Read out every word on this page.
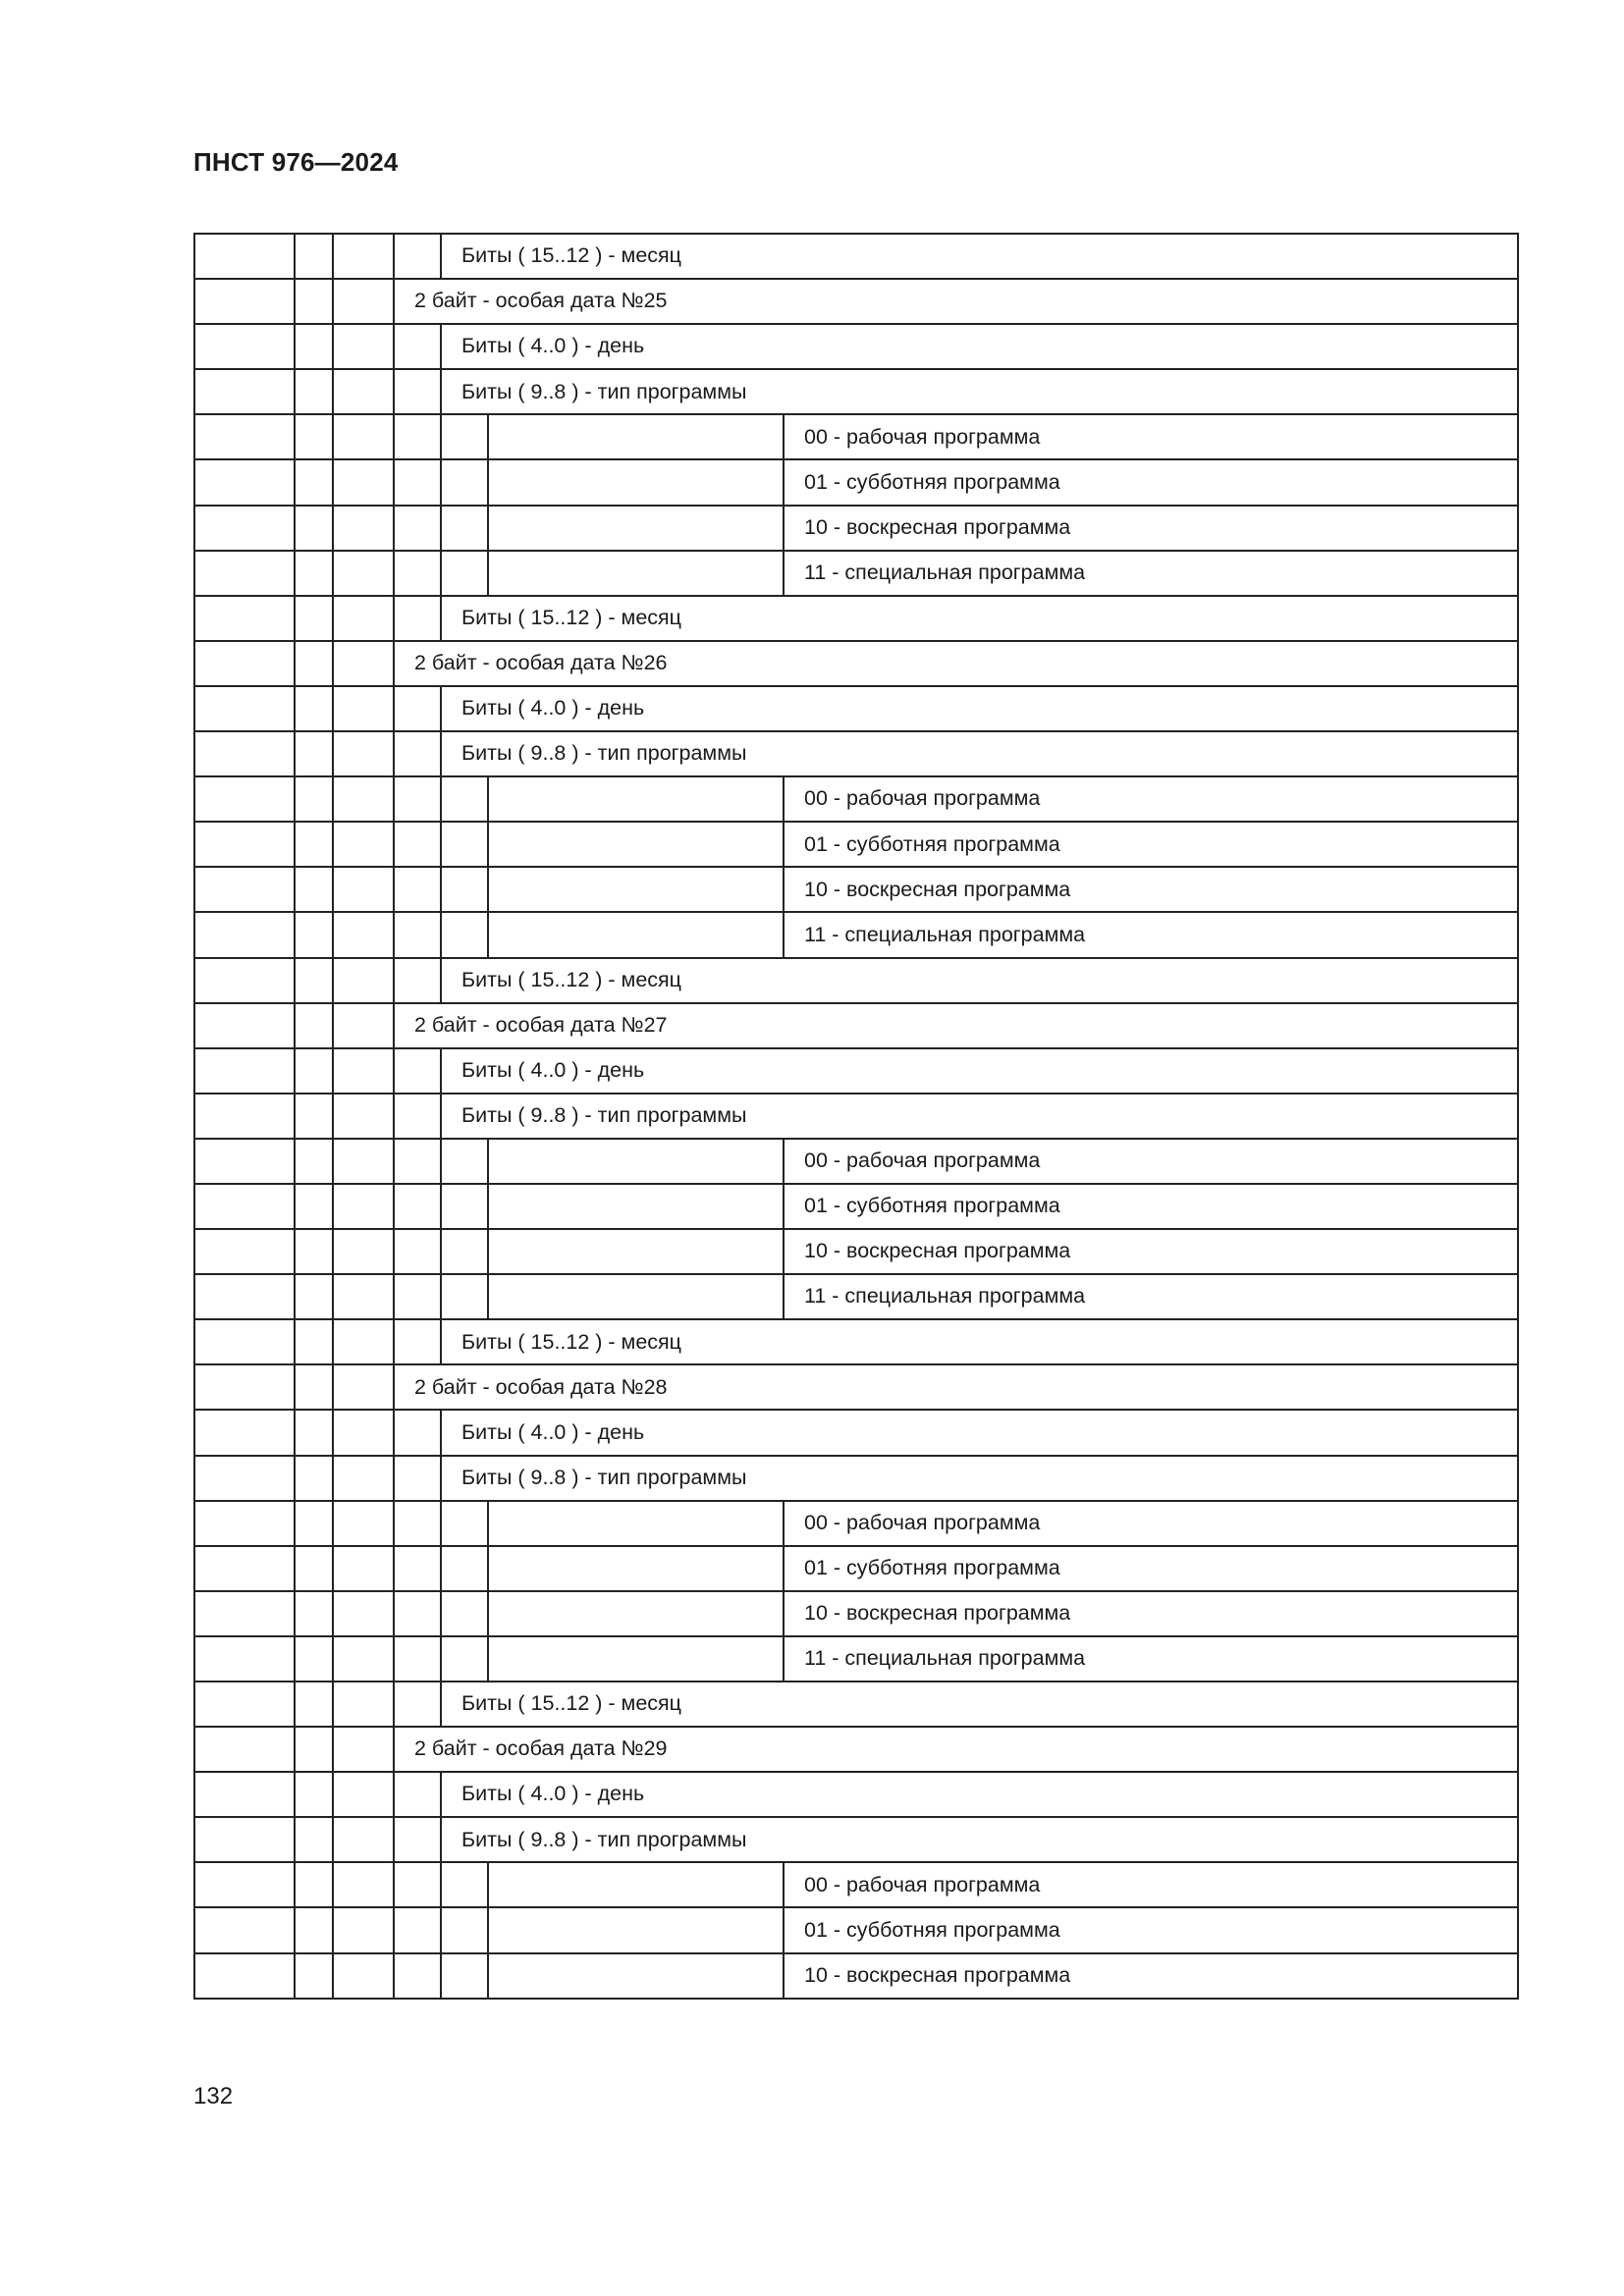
ПНСТ 976—2024
				Биты ( 15..12 ) - месяц		
			2 байт - особая дата №25			
				Биты ( 4..0 ) - день		
				Биты ( 9..8 ) - тип программы		
						00 - рабочая программа
						01 - субботняя программа
						10 - воскресная программа
						11 - специальная программа
				Биты ( 15..12 ) - месяц		
			2 байт - особая дата №26			
				Биты ( 4..0 ) - день		
				Биты ( 9..8 ) - тип программы		
						00 - рабочая программа
						01 - субботняя программа
						10 - воскресная программа
						11 - специальная программа
				Биты ( 15..12 ) - месяц		
			2 байт - особая дата №27			
				Биты ( 4..0 ) - день		
				Биты ( 9..8 ) - тип программы		
						00 - рабочая программа
						01 - субботняя программа
						10 - воскресная программа
						11 - специальная программа
				Биты ( 15..12 ) - месяц		
			2 байт - особая дата №28			
				Биты ( 4..0 ) - день		
				Биты ( 9..8 ) - тип программы		
						00 - рабочая программа
						01 - субботняя программа
						10 - воскресная программа
						11 - специальная программа
				Биты ( 15..12 ) - месяц		
			2 байт - особая дата №29			
				Биты ( 4..0 ) - день		
				Биты ( 9..8 ) - тип программы		
						00 - рабочая программа
						01 - субботняя программа
						10 - воскресная программа
132
